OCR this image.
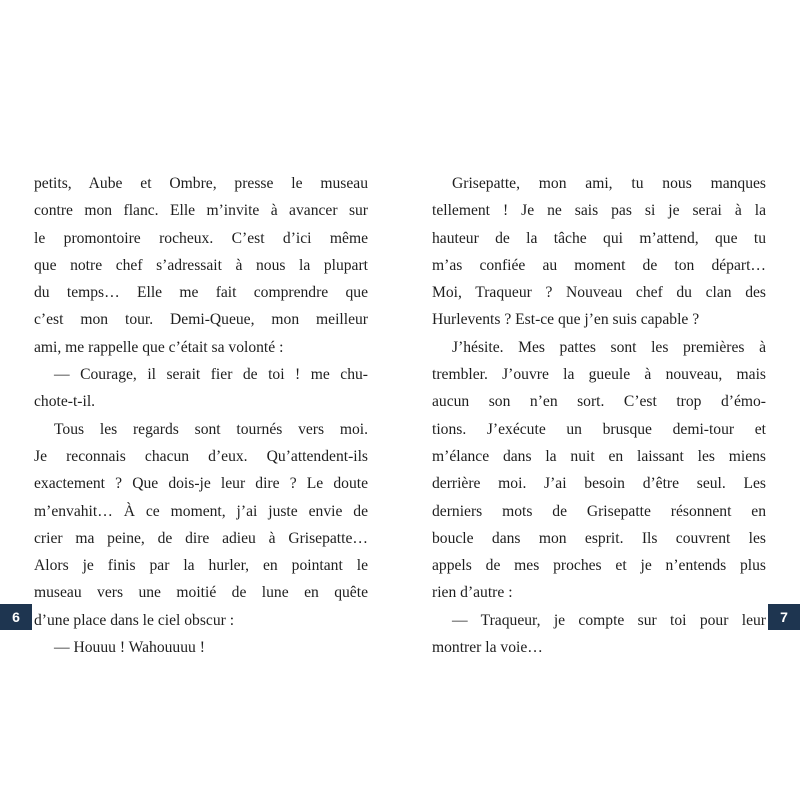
petits, Aube et Ombre, presse le museau
contre mon flanc. Elle m’invite à avancer sur
le promontoire rocheux. C’est d’ici même
que notre chef s’adressait à nous la plupart
du temps… Elle me fait comprendre que
c’est mon tour. Demi-Queue, mon meilleur
ami, me rappelle que c’était sa volonté :
— Courage, il serait fier de toi ! me chu-
chote-t-il.
Tous les regards sont tournés vers moi.
Je reconnais chacun d’eux. Qu’attendent-ils
exactement ? Que dois-je leur dire ? Le doute
m’envahit… À ce moment, j’ai juste envie de
crier ma peine, de dire adieu à Grisepatte…
Alors je finis par la hurler, en pointant le
museau vers une moitié de lune en quête
d’une place dans le ciel obscur :
— Houuu ! Wahouuuu !
Grisepatte, mon ami, tu nous manques
tellement ! Je ne sais pas si je serai à la
hauteur de la tâche qui m’attend, que tu
m’as confiée au moment de ton départ…
Moi, Traqueur ? Nouveau chef du clan des
Hurlevents ? Est-ce que j’en suis capable ?
J’hésite. Mes pattes sont les premières à
trembler. J’ouvre la gueule à nouveau, mais
aucun son n’en sort. C’est trop d’émo-
tions. J’exécute un brusque demi-tour et
m’élance dans la nuit en laissant les miens
derrière moi. J’ai besoin d’être seul. Les
derniers mots de Grisepatte résonnent en
boucle dans mon esprit. Ils couvrent les
appels de mes proches et je n’entends plus
rien d’autre :
— Traqueur, je compte sur toi pour leur
montrer la voie…
6	7
